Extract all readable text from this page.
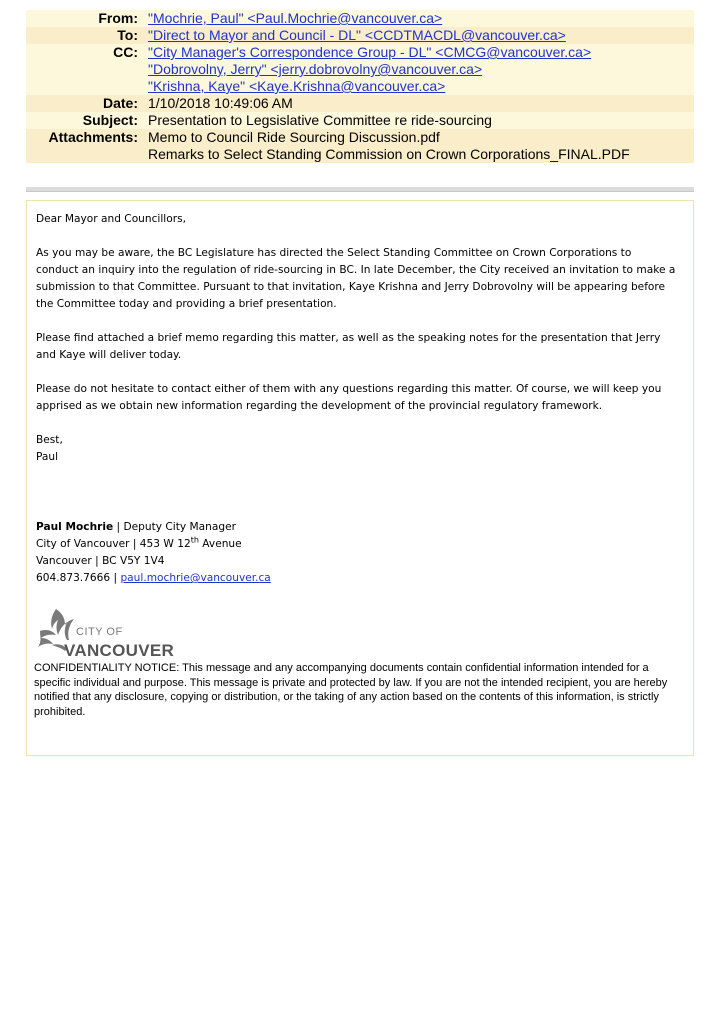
From:	"Mochrie, Paul" <Paul.Mochrie@vancouver.ca>
To:	"Direct to Mayor and Council - DL" <CCDTMACDL@vancouver.ca>
CC:	"City Manager's Correspondence Group - DL" <CMCG@vancouver.ca>
	"Dobrovolny, Jerry" <jerry.dobrovolny@vancouver.ca>
	"Krishna, Kaye" <Kaye.Krishna@vancouver.ca>
Date:	1/10/2018 10:49:06 AM
Subject:	Presentation to Legsislative Committee re ride-sourcing
Attachments:	Memo to Council Ride Sourcing Discussion.pdf
	Remarks to Select Standing Commission on Crown Corporations_FINAL.PDF

Dear Mayor and Councillors,

As you may be aware, the BC Legislature has directed the Select Standing Committee on Crown Corporations to conduct an inquiry into the regulation of ride-sourcing in BC. In late December, the City received an invitation to make a submission to that Committee. Pursuant to that invitation, Kaye Krishna and Jerry Dobrovolny will be appearing before the Committee today and providing a brief presentation.

Please find attached a brief memo regarding this matter, as well as the speaking notes for the presentation that Jerry and Kaye will deliver today.

Please do not hesitate to contact either of them with any questions regarding this matter. Of course, we will keep you apprised as we obtain new information regarding the development of the provincial regulatory framework.

Best,
Paul
Paul Mochrie | Deputy City Manager
City of Vancouver | 453 W 12th Avenue
Vancouver | BC V5Y 1V4
604.873.7666 | paul.mochrie@vancouver.ca
CITY OF
VANCOUVER
CONFIDENTIALITY NOTICE: This message and any accompanying documents contain confidential information intended for a specific individual and purpose. This message is private and protected by law. If you are not the intended recipient, you are hereby notified that any disclosure, copying or distribution, or the taking of any action based on the contents of this information, is strictly prohibited.
